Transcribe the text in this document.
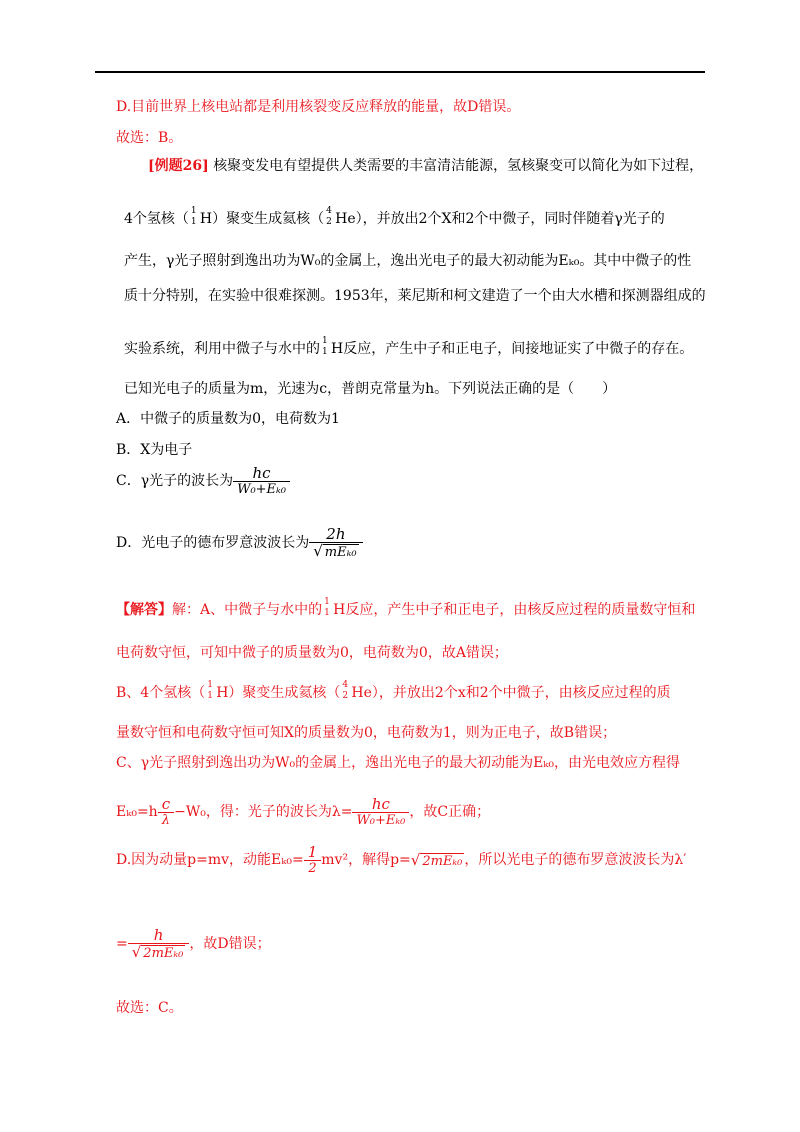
D.目前世界上核电站都是利用核裂变反应释放的能量，故D错误。
故选：B。
[例题26] 核聚变发电有望提供人类需要的丰富清洁能源，氢核聚变可以简化为如下过程，
4个氢核（ 1
1 H）聚变生成氦核（ 4
2 He），并放出2个X和2个中微子，同时伴随着γ光子的
产生，γ光子照射到逸出功为W₀的金属上，逸出光电子的最大初动能为Eₖ₀。其中中微子的性
质十分特别，在实验中很难探测。1953年，莱尼斯和柯文建造了一个由大水槽和探测器组成的
实验系统，利用中微子与水中的 1
1 H反应，产生中子和正电子，间接地证实了中微子的存在。
已知光电子的质量为m，光速为c，普朗克常量为h。下列说法正确的是（　　）
A．中微子的质量数为0，电荷数为1
B．X为电子
C．γ光子的波长为 $\frac{hc}{\text{W₀+Eₖ₀}}$
D．光电子的德布罗意波波长为 $\frac{2h}{\text{√ mEₖ₀}}$
【解答】解：A、中微子与水中的 1
1 H反应，产生中子和正电子，由核反应过程的质量数守恒和
电荷数守恒，可知中微子的质量数为0，电荷数为0，故A错误；
B、4个氢核（ 1
1 H）聚变生成氦核（ 4
2 He），并放出2个x和2个中微子，由核反应过程的质
量数守恒和电荷数守恒可知X的质量数为0，电荷数为1，则为正电子，故B错误；
C、γ光子照射到逸出功为W₀的金属上，逸出光电子的最大初动能为Eₖ₀，由光电效应方程得
$E_{k0}=h \frac{c}{\lambda} -W_0$，得：光子的波长为$\lambda= \frac{hc}{\text{W₀+Eₖ₀}}$ ，故C正确；
D.因为动量p=mv，动能$E_{k0}= \frac{1}{2} mv^2$，解得p=√ 2mEₖ₀ ，所以光电子的德布罗意波波长为λ′
= $\frac{h}{\text{√ 2mEₖ₀}}$ ，故D错误；
故选：C。
